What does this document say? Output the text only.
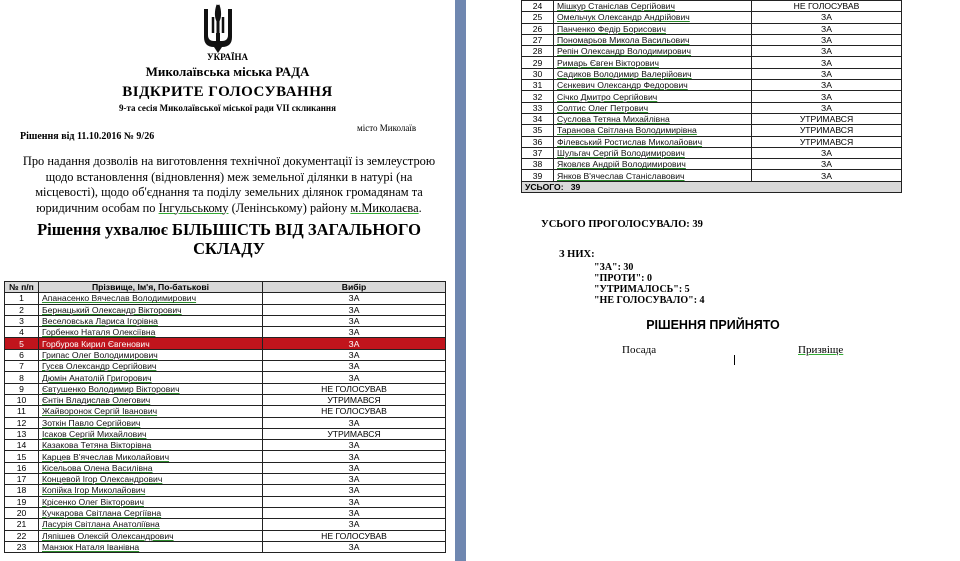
УКРАЇНА
Миколаївська міська РАДА
ВІДКРИТЕ ГОЛОСУВАННЯ
9-та сесія Миколаївської міської ради VII скликання
місто Миколаїв
Рішення від 11.10.2016 № 9/26
Про надання дозволів на виготовлення технічної документації із землеустрою щодо встановлення (відновлення) меж земельної ділянки в натурі (на місцевості), щодо об'єднання та поділу земельних ділянок громадянам та юридичним особам по Інгульському (Ленінському) району м.Миколаєва.
Рішення ухвалює БІЛЬШІСТЬ ВІД ЗАГАЛЬНОГО СКЛАДУ
№ п/п	Прізвище, Ім'я, По-батькові	Вибір
1	Апанасенко Вячеслав Володимирович	ЗА
2	Бернацький Олександр Вікторович	ЗА
3	Веселовська Лариса Ігорівна	ЗА
4	Горбенко Наталя Олексіївна	ЗА
5	Горбуров Кирил Євгенович	ЗА
6	Грипас Олег Володимирович	ЗА
7	Гусєв Олександр Сергійович	ЗА
8	Дюмін Анатолій Григорович	ЗА
9	Євтушенко Володимир Вікторович	НЕ ГОЛОСУВАВ
10	Єнтін Владислав Олегович	УТРИМАВСЯ
11	Жайворонок Сергій Іванович	НЕ ГОЛОСУВАВ
12	Зоткін Павло Сергійович	ЗА
13	Ісаков Сергій Михайлович	УТРИМАВСЯ
14	Казакова Тетяна Вікторівна	ЗА
15	Карцев В'ячеслав Миколайович	ЗА
16	Кісельова Олена Василівна	ЗА
17	Концевой Ігор Олександрович	ЗА
18	Копійка Ігор Миколайович	ЗА
19	Крісенко Олег Вікторович	ЗА
20	Кучкарова Світлана Сергіївна	ЗА
21	Ласурія Світлана Анатоліївна	ЗА
22	Ляпішев Олексій Олександрович	НЕ ГОЛОСУВАВ
23	Манзюк Наталя Іванівна	ЗА
24	Мішкур Станіслав Сергійович	НЕ ГОЛОСУВАВ
25	Омельчук Олександр Андрійович	ЗА
26	Панченко Федір Борисович	ЗА
27	Пономарьов Микола Васильович	ЗА
28	Репін Олександр Володимирович	ЗА
29	Римарь Євген Вікторович	ЗА
30	Садиков Володимир Валерійович	ЗА
31	Сєнкевич Олександр Федорович	ЗА
32	Січко Дмитро Сергійович	ЗА
33	Солтис Олег Петрович	ЗА
34	Суслова Тетяна Михайлівна	УТРИМАВСЯ
35	Таранова Світлана Володимирівна	УТРИМАВСЯ
36	Філевський Ростислав Миколайович	УТРИМАВСЯ
37	Шульгач Сергій Володимирович	ЗА
38	Яковлєв Андрій Володимирович	ЗА
39	Янков В'ячеслав Станіславович	ЗА
УСЬОГО: 39		
УСЬОГО ПРОГОЛОСУВАЛО: 39
З НИХ:
"ЗА": 30
"ПРОТИ": 0
"УТРИМАЛОСЬ": 5
"НЕ ГОЛОСУВАЛО": 4
РІШЕННЯ ПРИЙНЯТО
Посада	Призвіще
